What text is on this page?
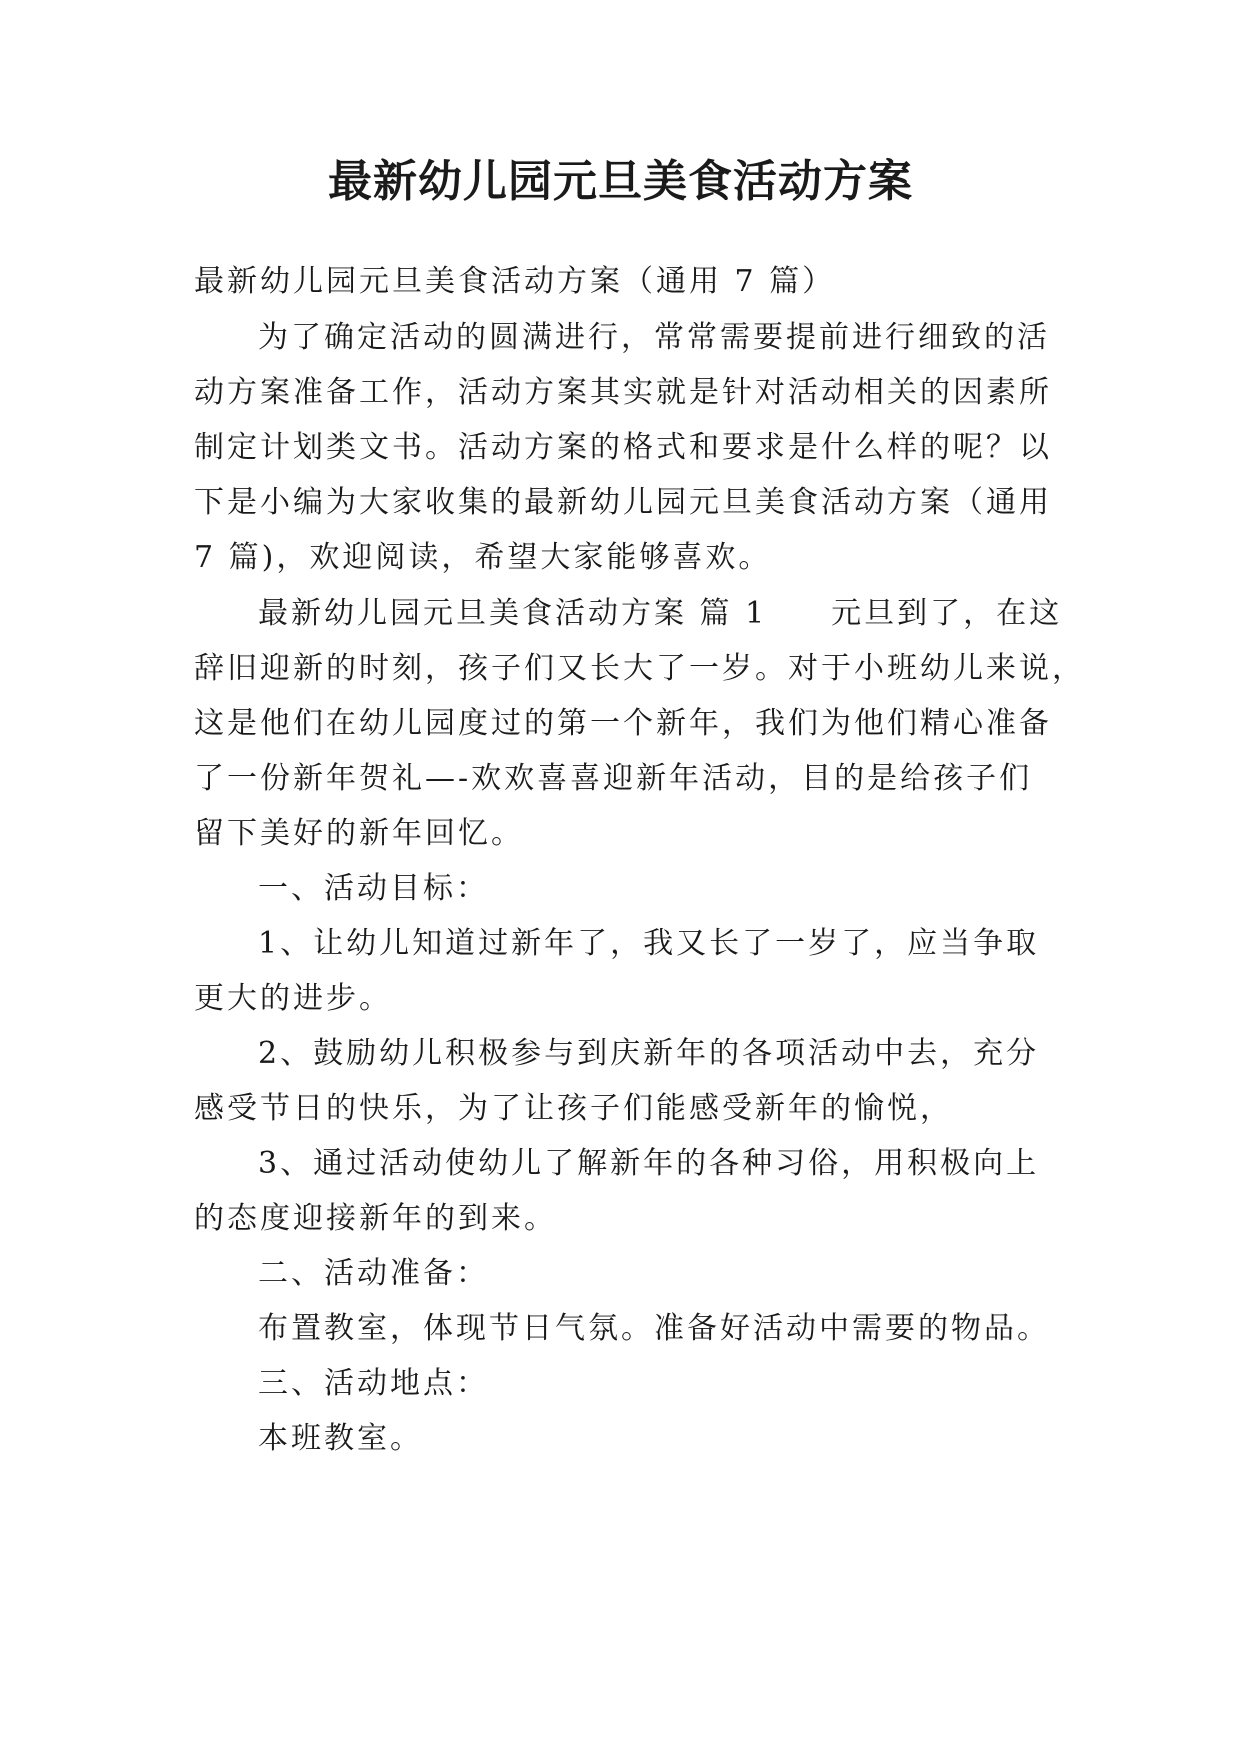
最新幼儿园元旦美食活动方案
最新幼儿园元旦美食活动方案（通用 7 篇）
为了确定活动的圆满进行，常常需要提前进行细致的活
动方案准备工作，活动方案其实就是针对活动相关的因素所
制定计划类文书。活动方案的格式和要求是什么样的呢？以
下是小编为大家收集的最新幼儿园元旦美食活动方案（通用
7 篇)，欢迎阅读，希望大家能够喜欢。
最新幼儿园元旦美食活动方案 篇 1 元旦到了，在这
辞旧迎新的时刻，孩子们又长大了一岁。对于小班幼儿来说，
这是他们在幼儿园度过的第一个新年，我们为他们精心准备
了一份新年贺礼—-欢欢喜喜迎新年活动，目的是给孩子们
留下美好的新年回忆。
一、活动目标：
1、让幼儿知道过新年了，我又长了一岁了，应当争取
更大的进步。
2、鼓励幼儿积极参与到庆新年的各项活动中去，充分
感受节日的快乐，为了让孩子们能感受新年的愉悦，
3、通过活动使幼儿了解新年的各种习俗，用积极向上
的态度迎接新年的到来。
二、活动准备：
布置教室，体现节日气氛。准备好活动中需要的物品。
三、活动地点：
本班教室。
